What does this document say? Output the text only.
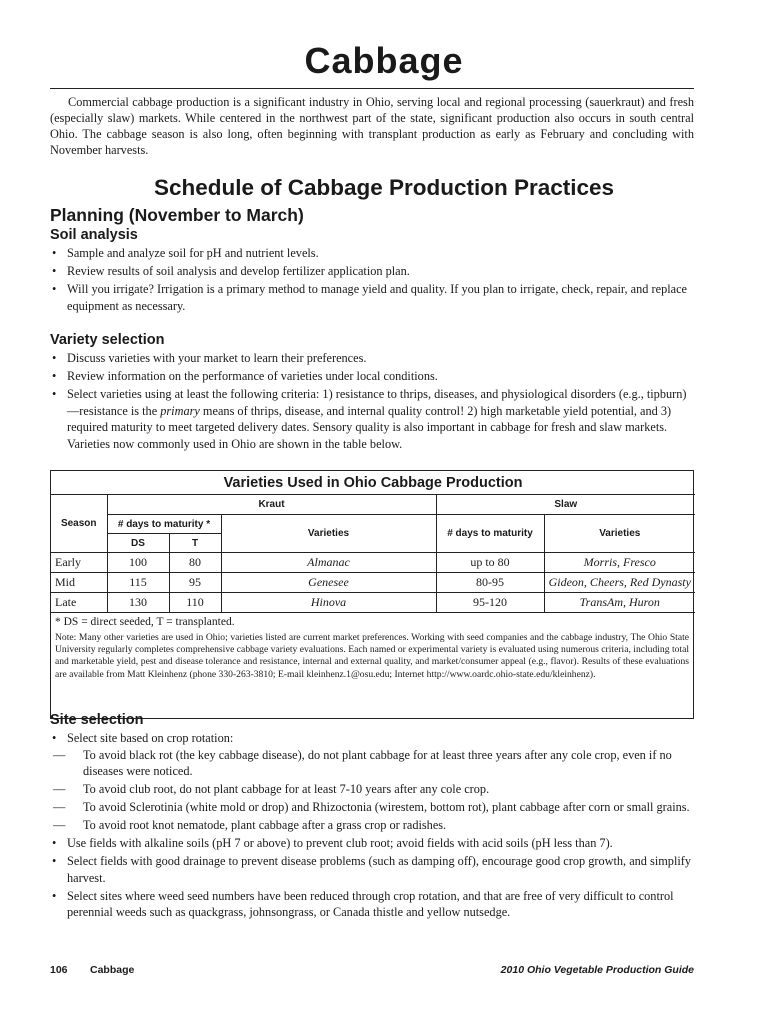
Cabbage

Commercial cabbage production is a significant industry in Ohio, serving local and regional processing (sauerkraut) and fresh (especially slaw) markets. While centered in the northwest part of the state, significant production also occurs in south central Ohio. The cabbage season is also long, often beginning with transplant production as early as February and concluding with November harvests.

Schedule of Cabbage Production Practices
Planning (November to March)
Soil analysis
• Sample and analyze soil for pH and nutrient levels.
• Review results of soil analysis and develop fertilizer application plan.
• Will you irrigate? Irrigation is a primary method to manage yield and quality. If you plan to irrigate, check, repair, and replace equipment as necessary.
Variety selection
• Discuss varieties with your market to learn their preferences.
• Review information on the performance of varieties under local conditions.
• Select varieties using at least the following criteria: 1) resistance to thrips, diseases, and physiological disorders (e.g., tipburn)—resistance is the primary means of thrips, disease, and internal quality control! 2) high marketable yield potential, and 3) required maturity to meet targeted delivery dates. Sensory quality is also important in cabbage for fresh and slaw markets. Varieties now commonly used in Ohio are shown in the table below.
Varieties Used in Ohio Cabbage Production					
Season	Kraut			Slaw	
	# days to maturity *		Varieties	# days to maturity	Varieties
	DS	T			
Early	100	80	Almanac	up to 80	Morris, Fresco
Mid	115	95	Genesee	80-95	Gideon, Cheers, Red Dynasty
Late	130	110	Hinova	95-120	TransAm, Huron
* DS = direct seeded, T = transplanted.
Note: Many other varieties are used in Ohio; varieties listed are current market preferences. Working with seed companies and the cabbage industry, The Ohio State University regularly completes comprehensive cabbage variety evaluations. Each named or experimental variety is evaluated using numerous criteria, including total and marketable yield, pest and disease tolerance and resistance, internal and external quality, and market/consumer appeal (e.g., flavor). Results of these evaluations are available from Matt Kleinhenz (phone 330-263-3810; E-mail kleinhenz.1@osu.edu; Internet http://www.oardc.ohio-state.edu/kleinhenz).
Site selection
• Select site based on crop rotation:
— To avoid black rot (the key cabbage disease), do not plant cabbage for at least three years after any cole crop, even if no diseases were noticed.
— To avoid club root, do not plant cabbage for at least 7-10 years after any cole crop.
— To avoid Sclerotinia (white mold or drop) and Rhizoctonia (wirestem, bottom rot), plant cabbage after corn or small grains.
— To avoid root knot nematode, plant cabbage after a grass crop or radishes.
• Use fields with alkaline soils (pH 7 or above) to prevent club root; avoid fields with acid soils (pH less than 7).
• Select fields with good drainage to prevent disease problems (such as damping off), encourage good crop growth, and simplify harvest.
• Select sites where weed seed numbers have been reduced through crop rotation, and that are free of very difficult to control perennial weeds such as quackgrass, johnsongrass, or Canada thistle and yellow nutsedge.
106 Cabbage	2010 Ohio Vegetable Production Guide
